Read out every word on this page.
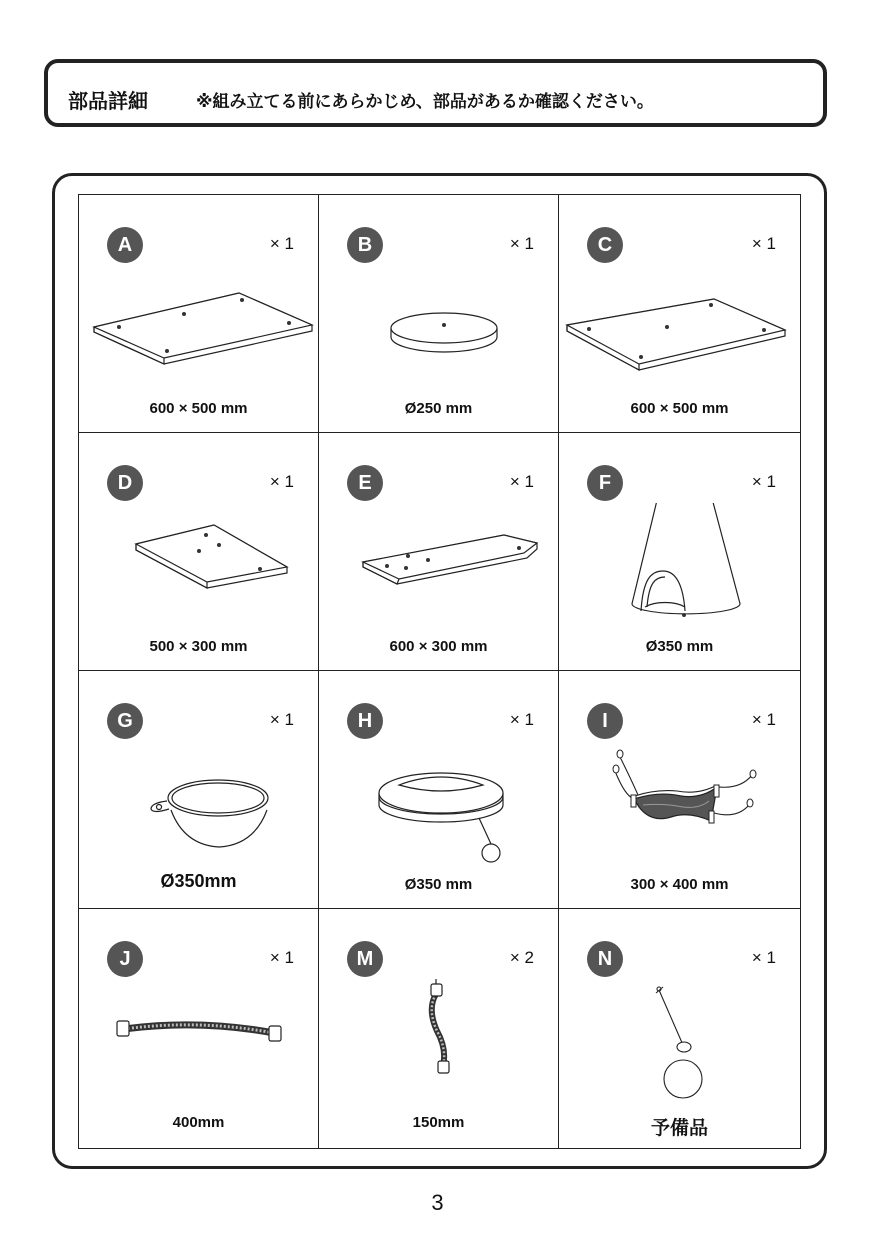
部品詳細	※組み立てる前にあらかじめ、部品があるか確認ください。
A	× 1
600 × 500 mm
B	× 1
Ø250 mm
C	× 1
600 × 500 mm
D	× 1
500 × 300 mm
E	× 1
600 × 300 mm
F	× 1
Ø350 mm
G	× 1
Ø350mm
H	× 1
Ø350 mm
I	× 1
300 × 400 mm
J	× 1
400mm
M	× 2
150mm
N	× 1
予備品
3
